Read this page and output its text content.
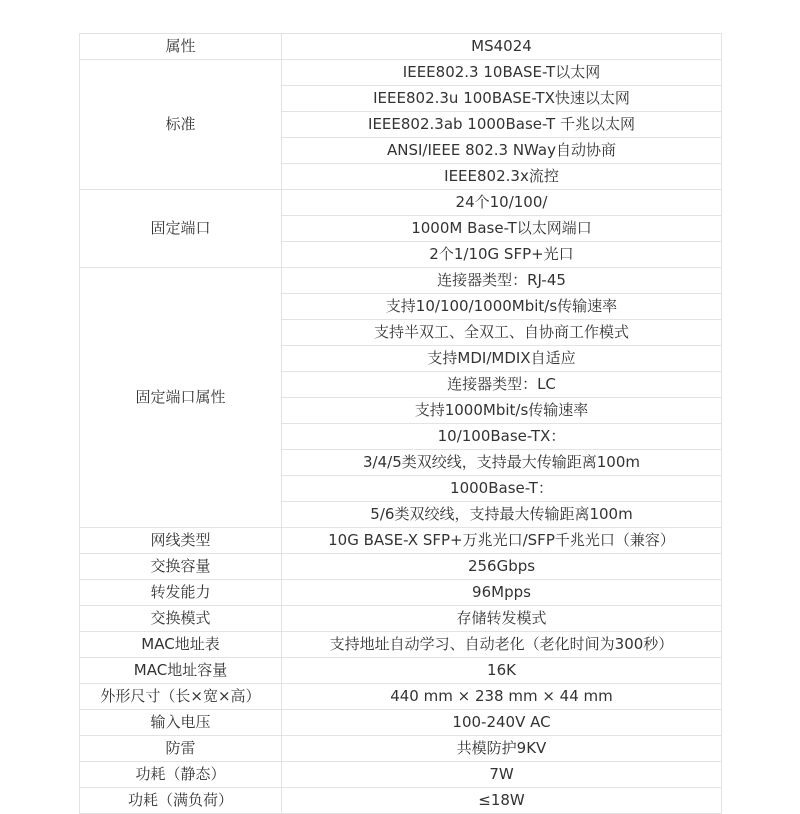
属性	MS4024
标准	IEEE802.3 10BASE-T以太网
	IEEE802.3u 100BASE-TX快速以太网
	IEEE802.3ab 1000Base-T 千兆以太网
	ANSI/IEEE 802.3 NWay自动协商
	IEEE802.3x流控
固定端口	24个10/100/
	1000M Base-T以太网端口
	2个1/10G SFP+光口
固定端口属性	连接器类型：RJ-45
	支持10/100/1000Mbit/s传输速率
	支持半双工、全双工、自协商工作模式
	支持MDI/MDIX自适应
	连接器类型：LC
	支持1000Mbit/s传输速率
	10/100Base-TX：
	3/4/5类双绞线，支持最大传输距离100m
	1000Base-T：
	5/6类双绞线，支持最大传输距离100m
网线类型	10G BASE-X SFP+万兆光口/SFP千兆光口（兼容）
交换容量	256Gbps
转发能力	96Mpps
交换模式	存储转发模式
MAC地址表	支持地址自动学习、自动老化（老化时间为300秒）
MAC地址容量	16K
外形尺寸（长×宽×高）	440 mm × 238 mm × 44 mm
输入电压	100-240V AC
防雷	共模防护9KV
功耗（静态）	7W
功耗（满负荷）	≤18W
